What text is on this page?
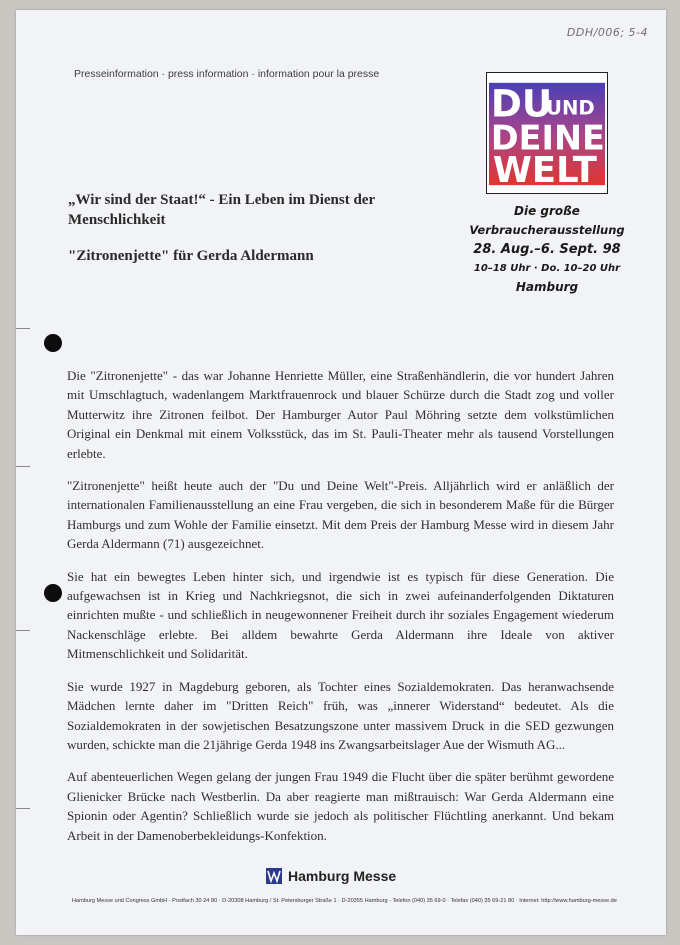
DDH/006; 5-4
Presseinformation · press information · information pour la presse
DU
UND
DEINE
WELT
Die große
Verbraucherausstellung
28. Aug.–6. Sept. 98
10–18 Uhr · Do. 10–20 Uhr
Hamburg
„Wir sind der Staat!“ - Ein Leben im Dienst der Menschlichkeit
"Zitronenjette" für Gerda Aldermann

Die "Zitronenjette" - das war Johanne Henriette Müller, eine Straßenhändlerin, die vor hundert Jahren mit Umschlagtuch, wadenlangem Marktfrauenrock und blauer Schürze durch die Stadt zog und voller Mutterwitz ihre Zitronen feilbot. Der Hamburger Autor Paul Möhring setzte dem volkstümlichen Original ein Denkmal mit einem Volksstück, das im St. Pauli-Theater mehr als tausend Vorstellungen erlebte.

"Zitronenjette" heißt heute auch der "Du und Deine Welt"-Preis. Alljährlich wird er anläßlich der internationalen Familienausstellung an eine Frau vergeben, die sich in besonderem Maße für die Bürger Hamburgs und zum Wohle der Familie einsetzt. Mit dem Preis der Hamburg Messe wird in diesem Jahr Gerda Aldermann (71) ausgezeichnet.

Sie hat ein bewegtes Leben hinter sich, und irgendwie ist es typisch für diese Generation. Die aufgewachsen ist in Krieg und Nachkriegsnot, die sich in zwei aufeinanderfolgenden Diktaturen einrichten mußte - und schließlich in neugewonnener Freiheit durch ihr soziales Engagement wiederum Nackenschläge erlebte. Bei alldem bewahrte Gerda Aldermann ihre Ideale von aktiver Mitmenschlichkeit und Solidarität.

Sie wurde 1927 in Magdeburg geboren, als Tochter eines Sozialdemokraten. Das heranwachsende Mädchen lernte daher im "Dritten Reich" früh, was „innerer Widerstand“ bedeutet. Als die Sozialdemokraten in der sowjetischen Besatzungszone unter massivem Druck in die SED gezwungen wurden, schickte man die 21jährige Gerda 1948 ins Zwangsarbeitslager Aue der Wismuth AG...

Auf abenteuerlichen Wegen gelang der jungen Frau 1949 die Flucht über die später berühmt gewordene Glienicker Brücke nach Westberlin. Da aber reagierte man mißtrauisch: War Gerda Aldermann eine Spionin oder Agentin? Schließlich wurde sie jedoch als politischer Flüchtling anerkannt. Und bekam Arbeit in der Damenoberbekleidungs-Konfektion.

Hamburg Messe
Hamburg Messe und Congress GmbH · Postfach 30 24 80 · D-20308 Hamburg / St. Petersburger Straße 1 · D-20355 Hamburg · Telefon (040) 35 69-0 · Telefax (040) 35 69-21 80 · Internet: http://www.hamburg-messe.de
